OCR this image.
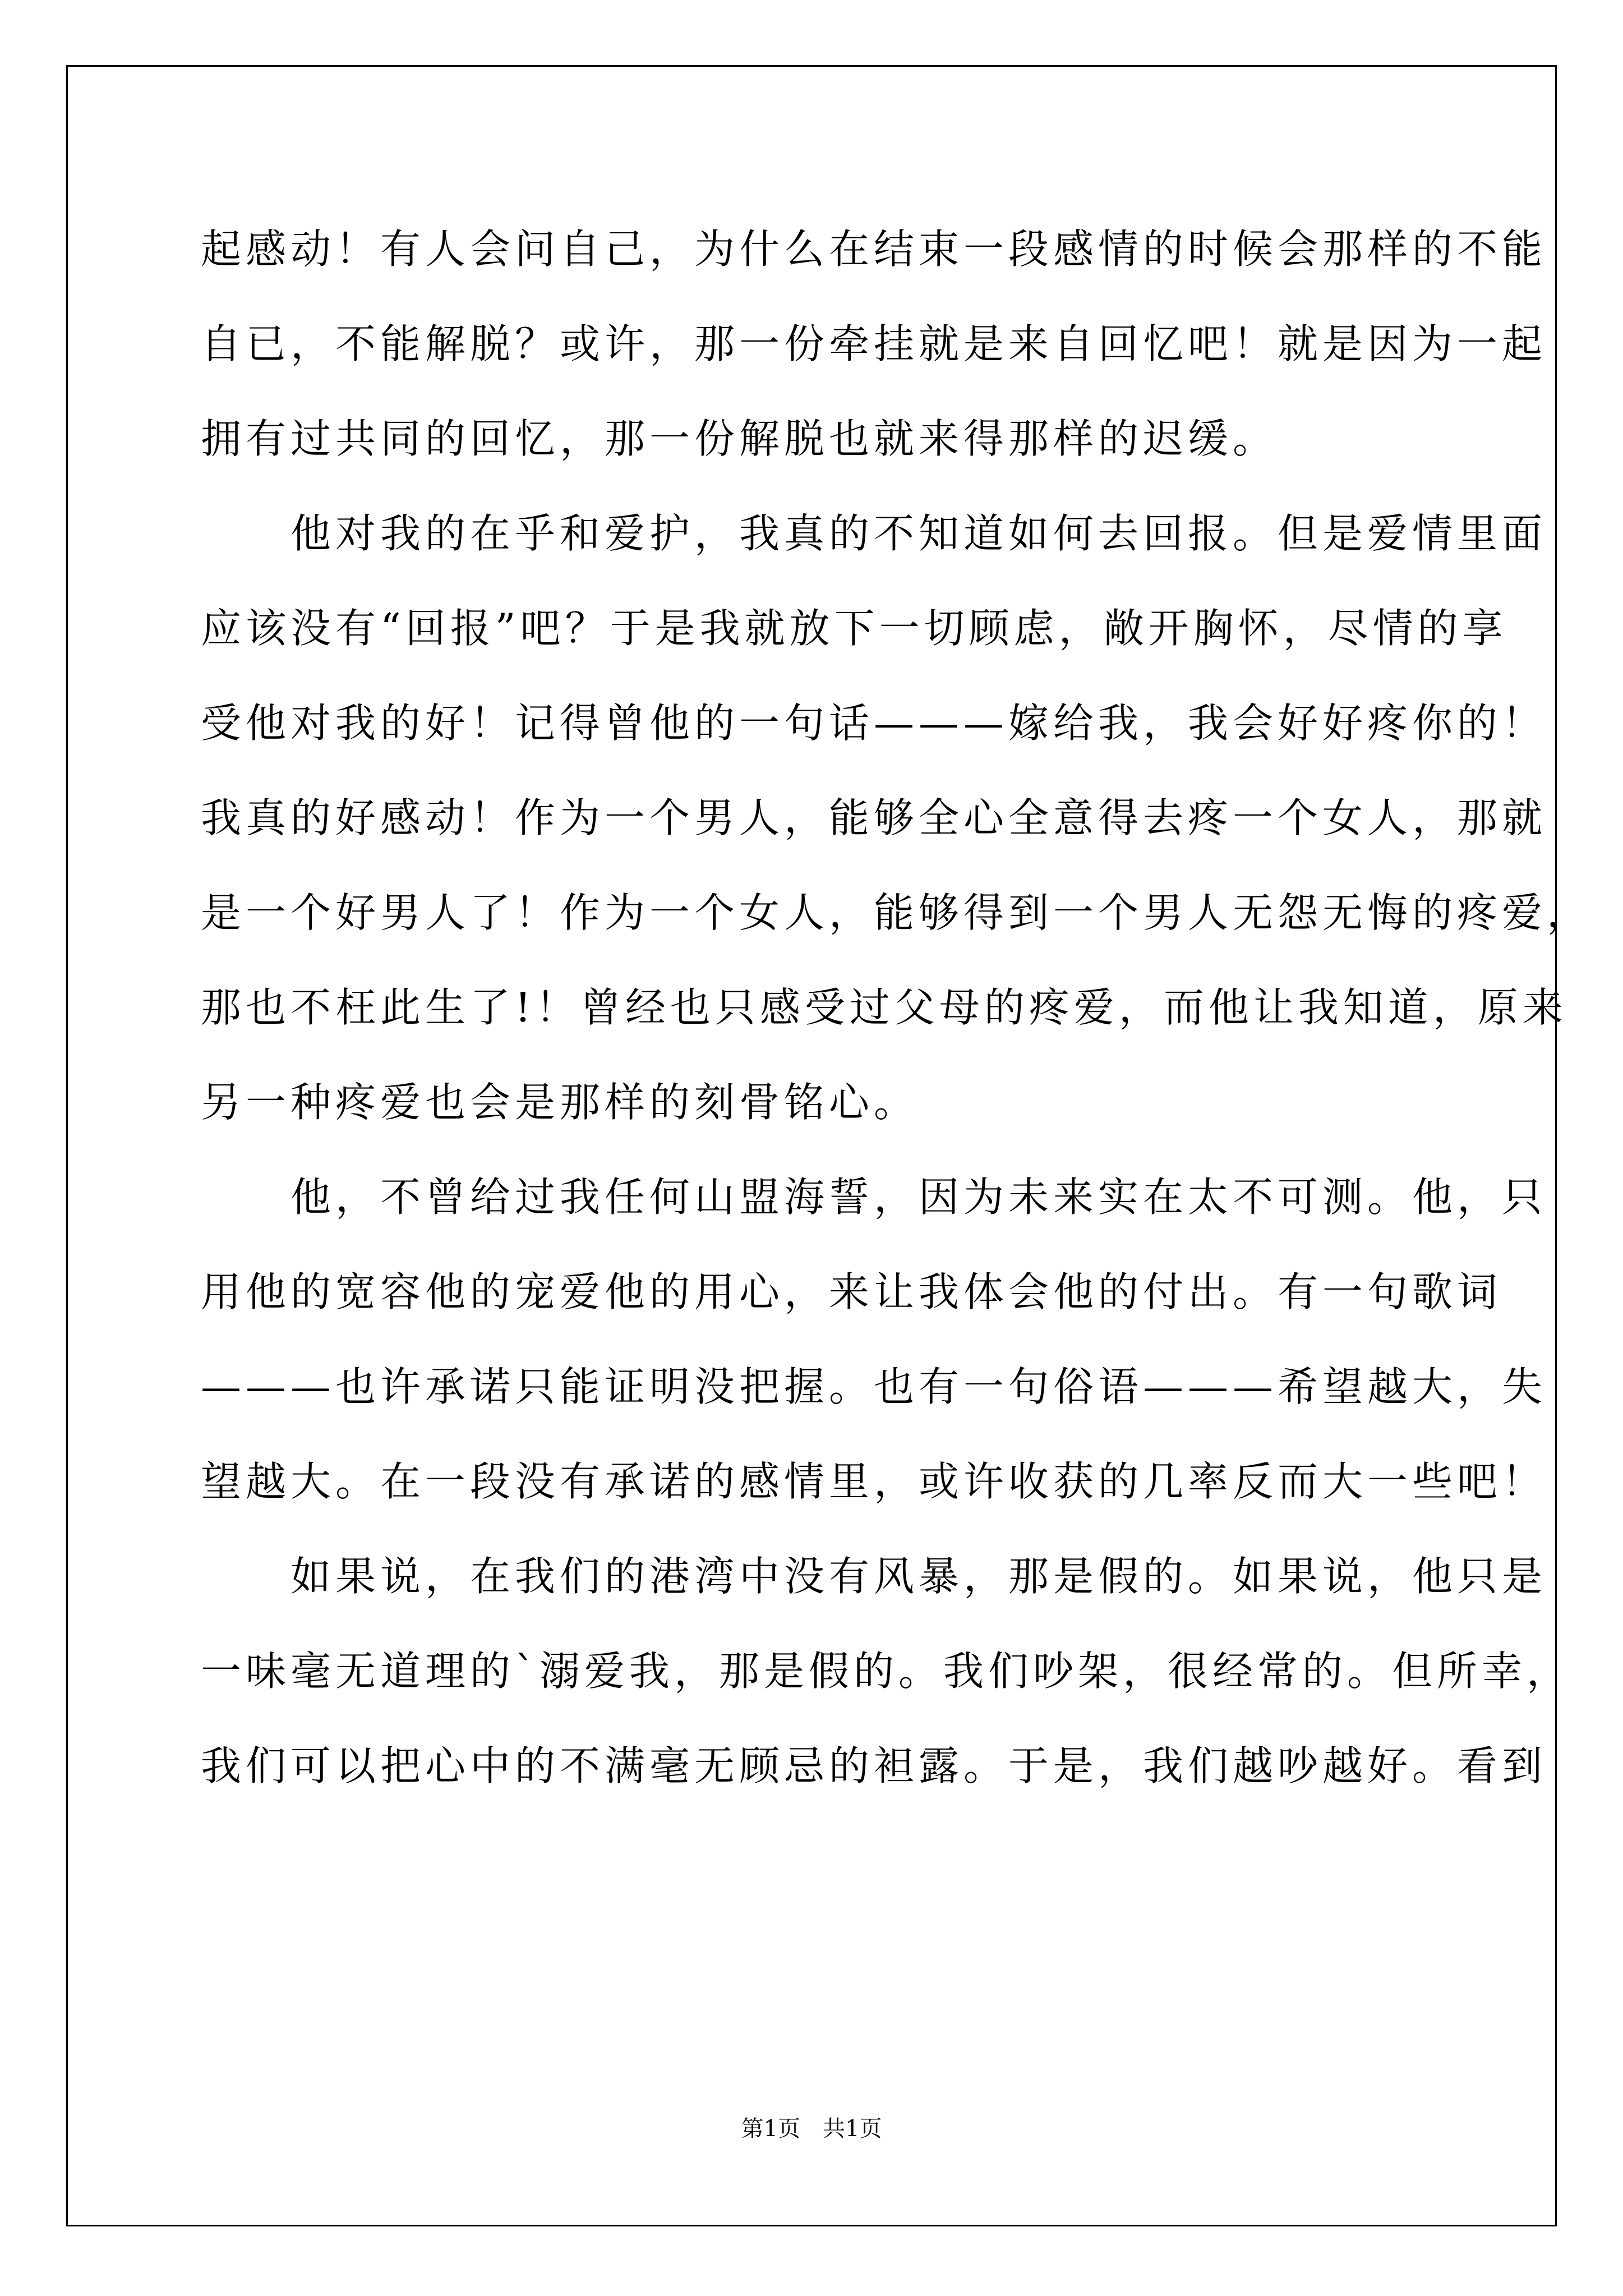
起感动！有人会问自己，为什么在结束一段感情的时候会那样的不能
自已，不能解脱？或许，那一份牵挂就是来自回忆吧！就是因为一起
拥有过共同的回忆，那一份解脱也就来得那样的迟缓。
　　他对我的在乎和爱护，我真的不知道如何去回报。但是爱情里面
应该没有“回报”吧？于是我就放下一切顾虑，敞开胸怀，尽情的享
受他对我的好！记得曾他的一句话———嫁给我，我会好好疼你的！
我真的好感动！作为一个男人，能够全心全意得去疼一个女人，那就
是一个好男人了！作为一个女人，能够得到一个男人无怨无悔的疼爱，
那也不枉此生了!！曾经也只感受过父母的疼爱，而他让我知道，原来
另一种疼爱也会是那样的刻骨铭心。
　　他，不曾给过我任何山盟海誓，因为未来实在太不可测。他，只
用他的宽容他的宠爱他的用心，来让我体会他的付出。有一句歌词
———也许承诺只能证明没把握。也有一句俗语———希望越大，失
望越大。在一段没有承诺的感情里，或许收获的几率反而大一些吧！
　　如果说，在我们的港湾中没有风暴，那是假的。如果说，他只是
一味毫无道理的`溺爱我，那是假的。我们吵架，很经常的。但所幸，
我们可以把心中的不满毫无顾忌的袒露。于是，我们越吵越好。看到
第1页　共1页
